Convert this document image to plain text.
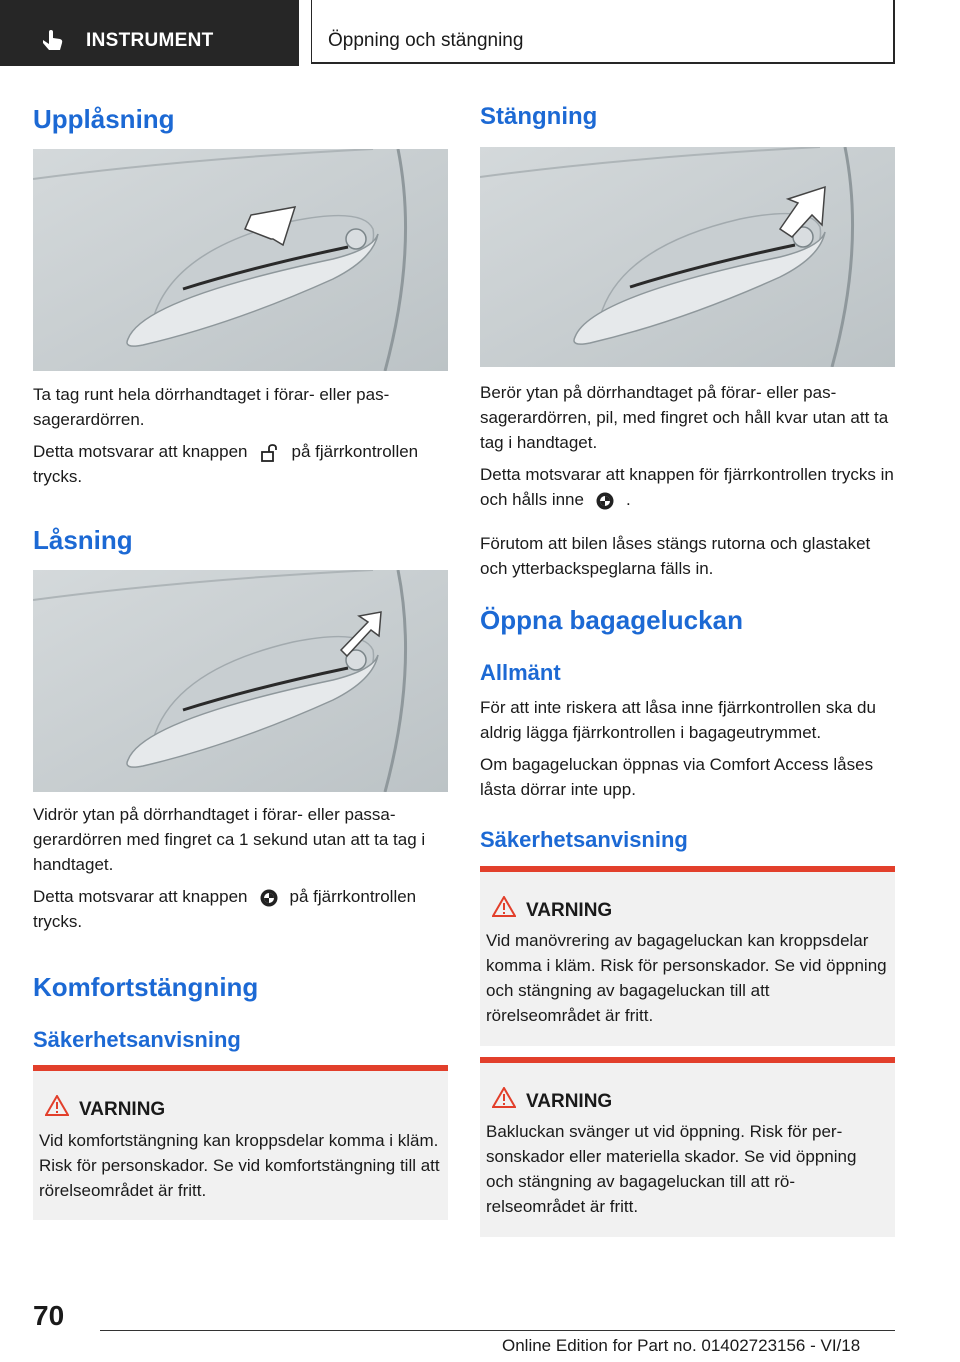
INSTRUMENT	Öppning och stängning
Upplåsning

Ta tag runt hela dörrhandtaget i förar- eller passagerardörren.

Detta motsvarar att knappen	på fjärrkontrollen trycks.

Låsning

Vidrör ytan på dörrhandtaget i förar- eller passagerardörren med fingret ca 1 sekund utan att ta tag i handtaget.

Detta motsvarar att knappen på fjärrkontrollen trycks.

Komfortstängning
Säkerhetsanvisning
VARNING

Vid komfortstängning kan kroppsdelar komma i kläm. Risk för personskador. Se vid komfortstängning till att rörelseområdet är fritt.

Stängning

Berör ytan på dörrhandtaget på förar- eller passagerardörren, pil, med fingret och håll kvar utan att ta tag i handtaget.

Detta motsvarar att knappen för fjärrkontrollen trycks in och hålls inne .

Förutom att bilen låses stängs rutorna och glastaket och ytterbackspeglarna fälls in.

Öppna bagageluckan
Allmänt

För att inte riskera att låsa inne fjärrkontrollen ska du aldrig lägga fjärrkontrollen i bagageutrymmet.

Om bagageluckan öppnas via Comfort Access låses låsta dörrar inte upp.

Säkerhetsanvisning
VARNING

Vid manövrering av bagageluckan kan kroppsdelar komma i kläm. Risk för personskador. Se vid öppning och stängning av bagageluckan till att rörelseområdet är fritt.

VARNING

Bakluckan svänger ut vid öppning. Risk för personskador eller materiella skador. Se vid öppning och stängning av bagageluckan till att rörelseområdet är fritt.

70
Online Edition for Part no. 01402723156 - VI/18
